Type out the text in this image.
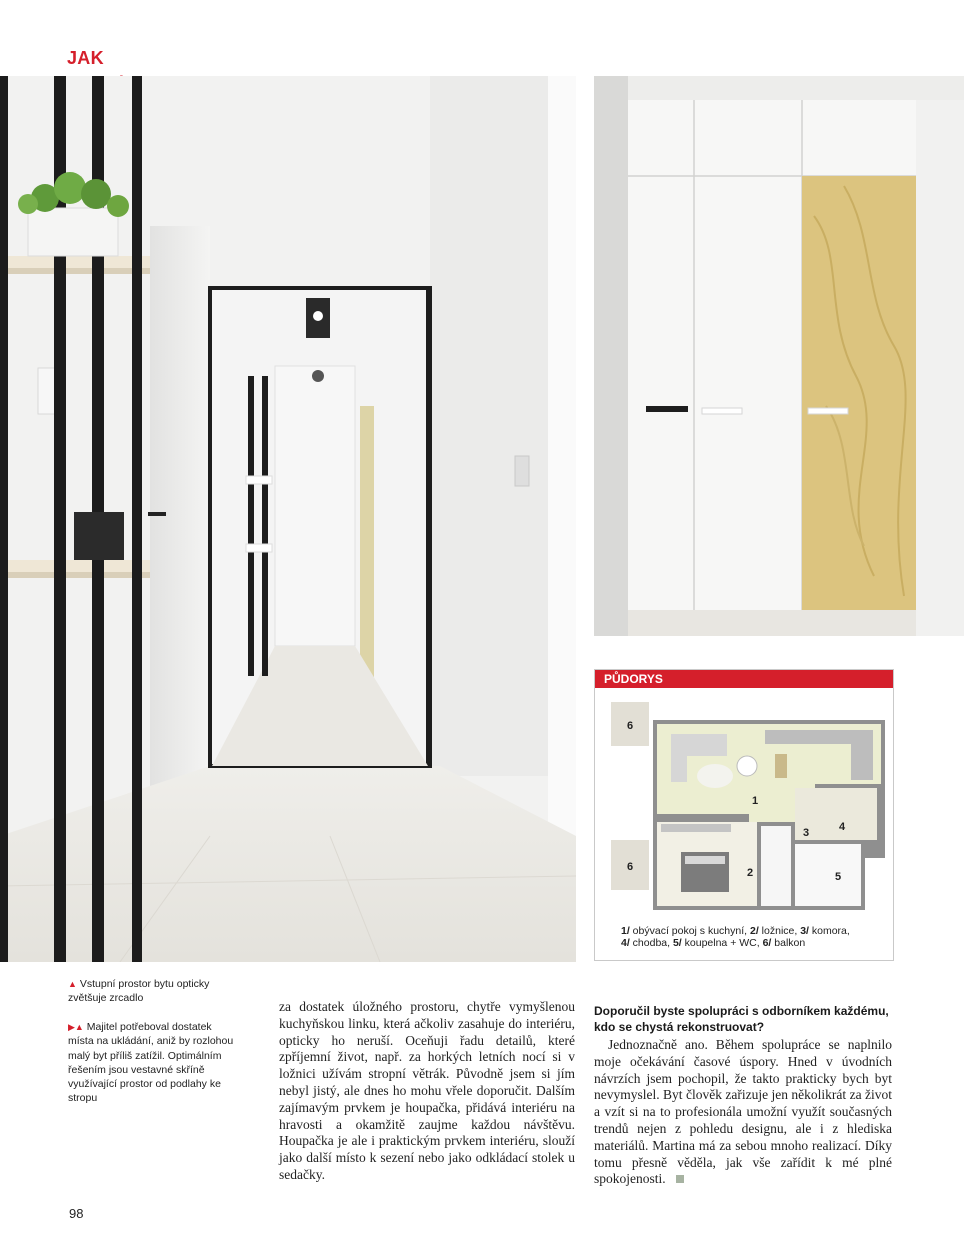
JAK
PŮDORYS
1
2
3	4
5
6
6
1/ obývací pokoj s kuchyní, 2/ ložnice, 3/ komora,
4/ chodba, 5/ koupelna + WC, 6/ balkon
▲ Vstupní prostor bytu opticky zvětšuje zrcadlo
▶▲ Majitel potřeboval dostatek místa na ukládání, aniž by rozlohou malý byt příliš zatížil. Optimálním řešením jsou vestavné skříně využívající prostor od podlahy ke stropu

za dostatek úložného prostoru, chytře vymyšlenou kuchyňskou linku, která ačkoliv zasahuje do interiéru, opticky ho neruší. Oceňuji řadu detailů, které zpříjemní život, např. za horkých letních nocí si v ložnici užívám stropní větrák. Původně jsem si jím nebyl jistý, ale dnes ho mohu vřele doporučit. Dalším zajímavým prvkem je houpačka, přidává interiéru na hravosti a okamžitě zaujme každou návštěvu. Houpačka je ale i praktickým prvkem interiéru, slouží jako další místo k sezení nebo jako odkládací stolek u sedačky.

Doporučil byste spolupráci s odborníkem každému, kdo se chystá rekonstruovat?

Jednoznačně ano. Během spolupráce se naplnilo moje očekávání časové úspory. Hned v úvodních návrzích jsem pochopil, že takto prakticky bych byt nevymyslel. Byt člověk zařizuje jen několikrát za život a vzít si na to profesionála umožní využít současných trendů nejen z pohledu designu, ale i z hlediska materiálů. Martina má za sebou mnoho realizací. Díky tomu přesně věděla, jak vše zařídit k mé plné spokojenosti.

98
